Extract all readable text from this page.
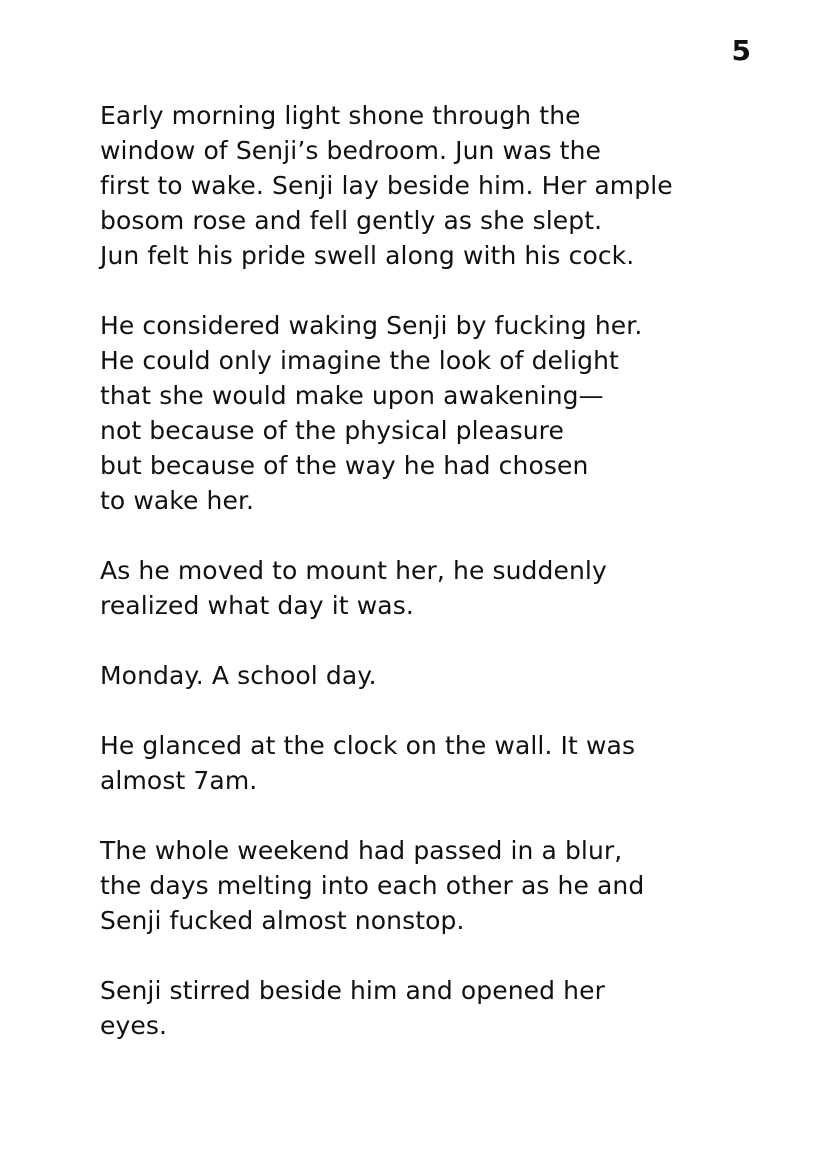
5

Early morning light shone through the
window of Senji’s bedroom. Jun was the
first to wake. Senji lay beside him. Her ample
bosom rose and fell gently as she slept.
Jun felt his pride swell along with his cock.

He considered waking Senji by fucking her.
He could only imagine the look of delight
that she would make upon awakening—
not because of the physical pleasure
but because of the way he had chosen
to wake her.

As he moved to mount her, he suddenly
realized what day it was.

Monday. A school day.

He glanced at the clock on the wall. It was
almost 7am.

The whole weekend had passed in a blur,
the days melting into each other as he and
Senji fucked almost nonstop.

Senji stirred beside him and opened her
eyes.
